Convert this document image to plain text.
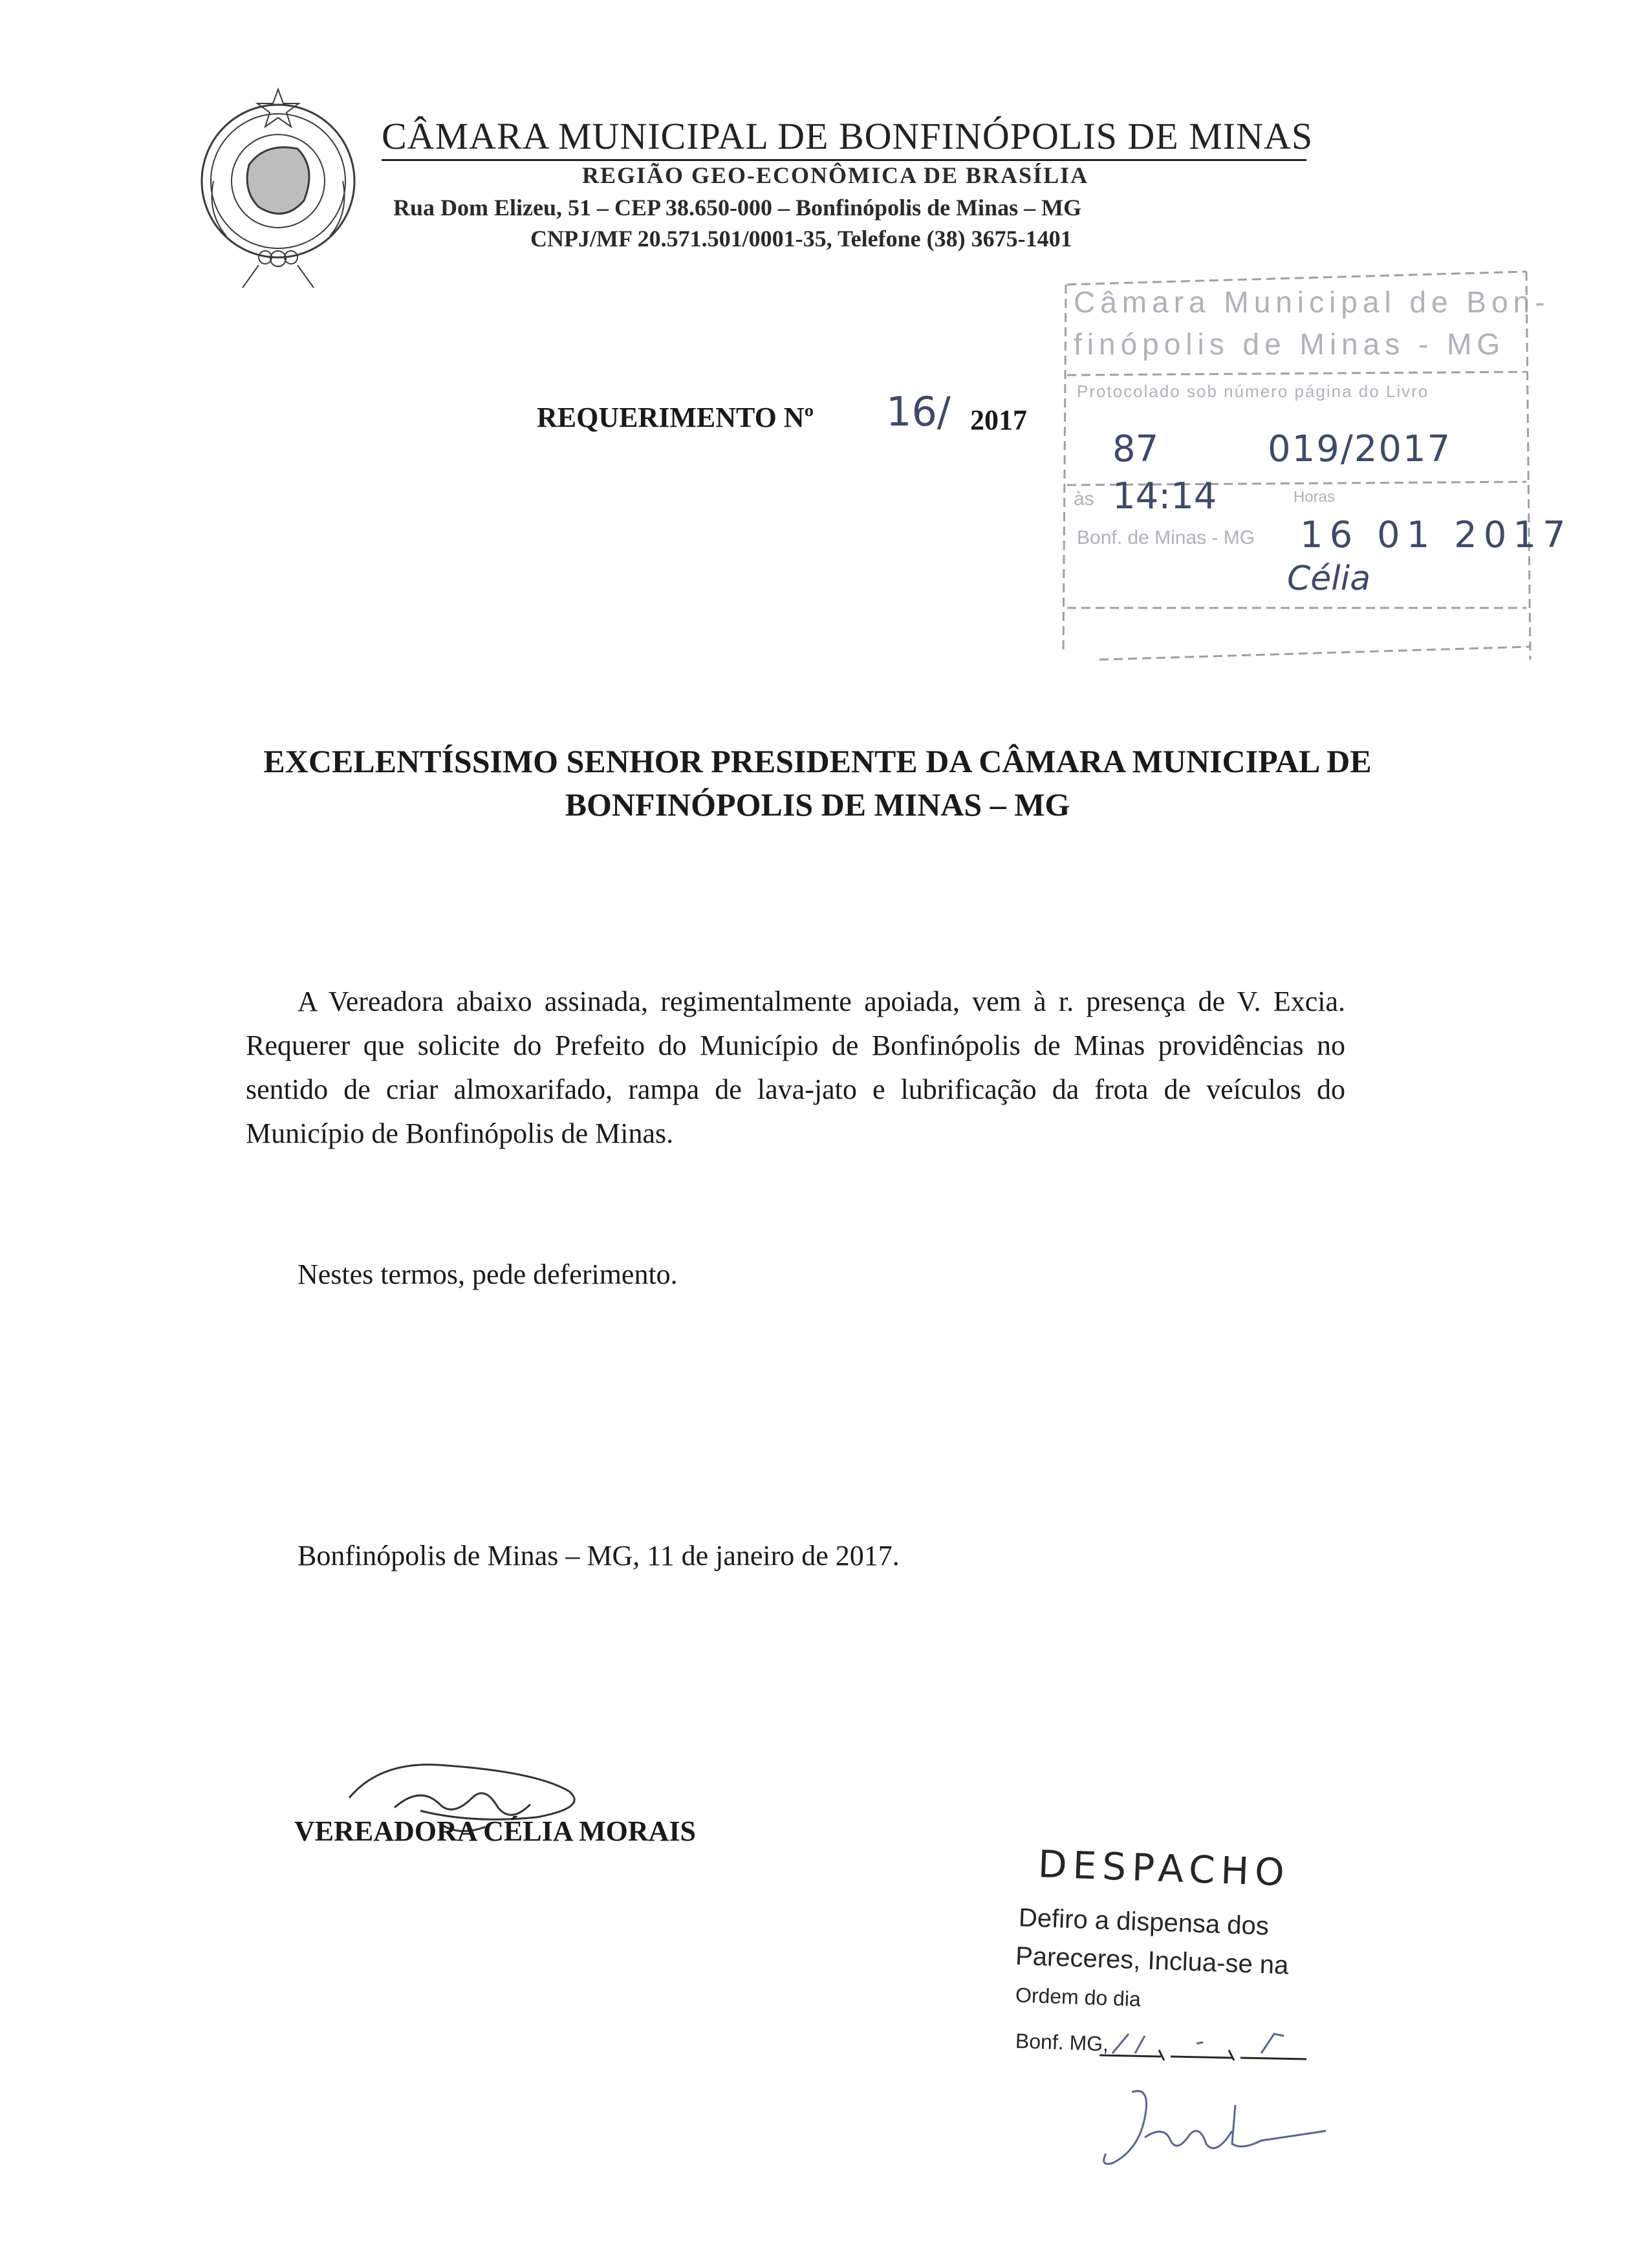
CÂMARA MUNICIPAL DE BONFINÓPOLIS DE MINAS
REGIÃO GEO-ECONÔMICA DE BRASÍLIA
Rua Dom Elizeu, 51 – CEP 38.650-000 – Bonfinópolis de Minas – MG
CNPJ/MF 20.571.501/0001-35, Telefone (38) 3675-1401
Câmara Municipal de Bon-
finópolis de Minas - MG
Protocolado sob número página do Livro
às	Horas
Bonf. de Minas - MG
87	019/2017
14:14
16 01 2017
Célia
REQUERIMENTO Nº 16/ 2017
EXCELENTÍSSIMO SENHOR PRESIDENTE DA CÂMARA MUNICIPAL DE
BONFINÓPOLIS DE MINAS – MG
A Vereadora abaixo assinada, regimentalmente apoiada, vem à r. presença de V. Excia. Requerer que solicite do Prefeito do Município de Bonfinópolis de Minas providências no sentido de criar almoxarifado, rampa de lava-jato e lubrificação da frota de veículos do Município de Bonfinópolis de Minas.
Nestes termos, pede deferimento.
Bonfinópolis de Minas – MG, 11 de janeiro de 2017.
VEREADORA CÉLIA MORAIS
DESPACHO
Defiro a dispensa dos
Pareceres, Inclua-se na
Ordem do dia
Bonf. MG,
